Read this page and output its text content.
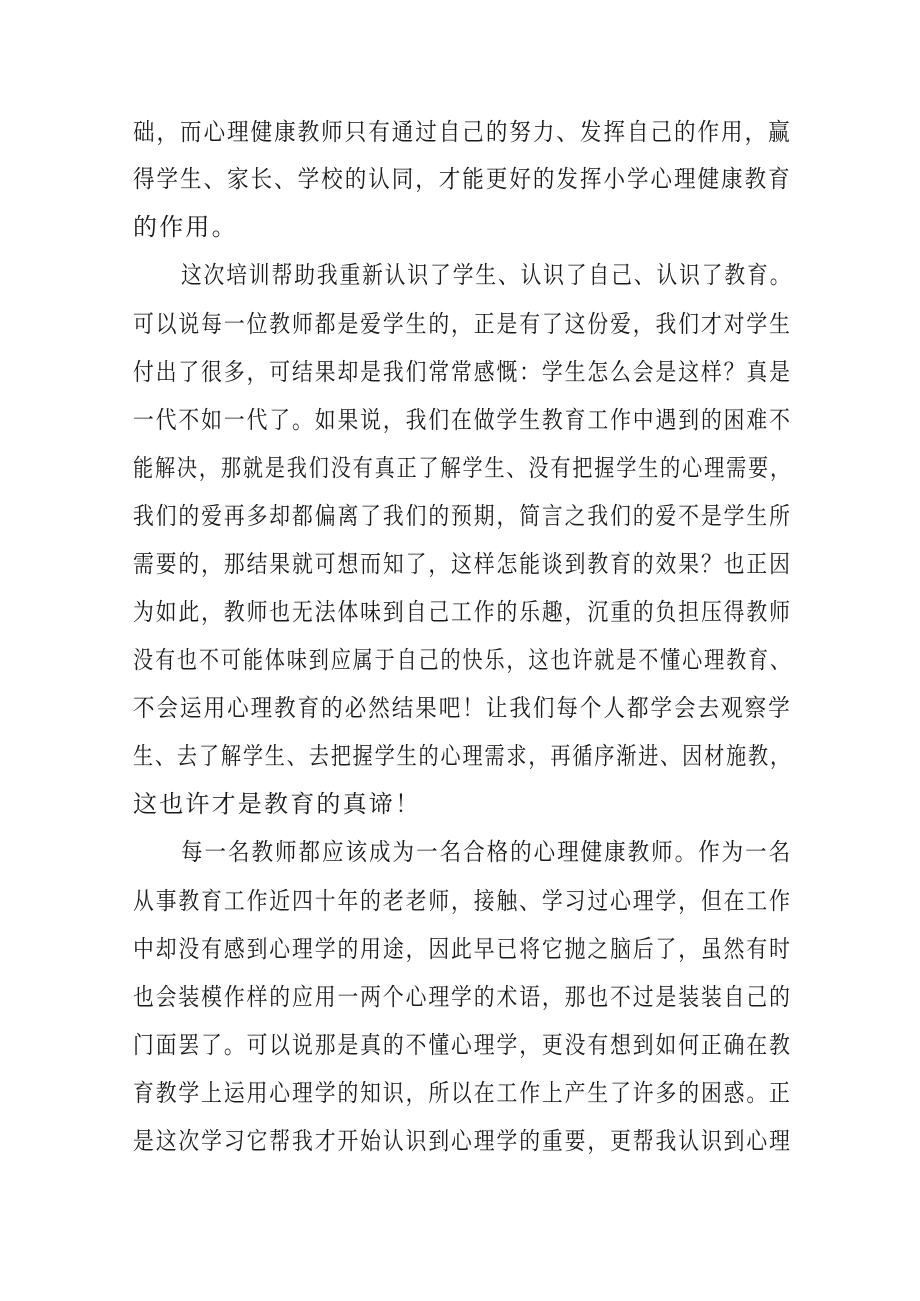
础，而心理健康教师只有通过自己的努力、发挥自己的作用，赢
得学生、家长、学校的认同，才能更好的发挥小学心理健康教育
的作用。
这次培训帮助我重新认识了学生、认识了自己、认识了教育。
可以说每一位教师都是爱学生的，正是有了这份爱，我们才对学生
付出了很多，可结果却是我们常常感慨：学生怎么会是这样？真是
一代不如一代了。如果说，我们在做学生教育工作中遇到的困难不
能解决，那就是我们没有真正了解学生、没有把握学生的心理需要，
我们的爱再多却都偏离了我们的预期，简言之我们的爱不是学生所
需要的，那结果就可想而知了，这样怎能谈到教育的效果？也正因
为如此，教师也无法体味到自己工作的乐趣，沉重的负担压得教师
没有也不可能体味到应属于自己的快乐，这也许就是不懂心理教育、
不会运用心理教育的必然结果吧！让我们每个人都学会去观察学
生、去了解学生、去把握学生的心理需求，再循序渐进、因材施教，
这也许才是教育的真谛！
每一名教师都应该成为一名合格的心理健康教师。作为一名
从事教育工作近四十年的老老师，接触、学习过心理学，但在工作
中却没有感到心理学的用途，因此早已将它抛之脑后了，虽然有时
也会装模作样的应用一两个心理学的术语，那也不过是装装自己的
门面罢了。可以说那是真的不懂心理学，更没有想到如何正确在教
育教学上运用心理学的知识，所以在工作上产生了许多的困惑。正
是这次学习它帮我才开始认识到心理学的重要，更帮我认识到心理
